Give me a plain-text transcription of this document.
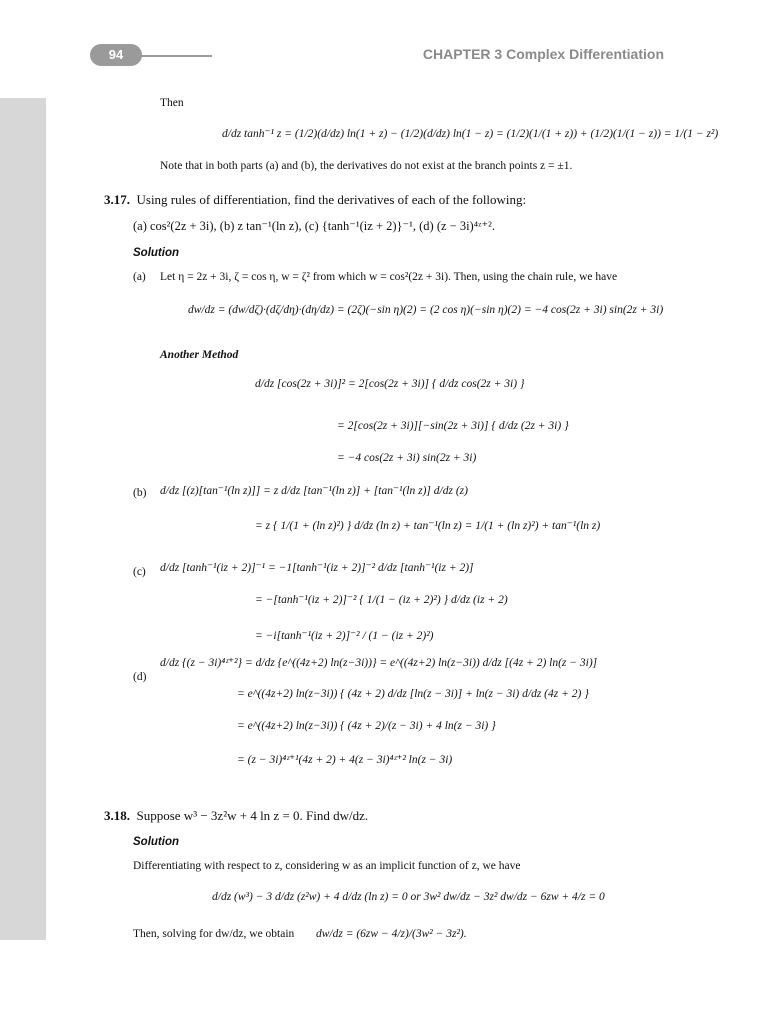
94	CHAPTER 3 Complex Differentiation
Then
d/dz tanh⁻¹ z = (1/2)(d/dz) ln(1 + z) − (1/2)(d/dz) ln(1 − z) = (1/2)(1/(1 + z)) + (1/2)(1/(1 − z)) = 1/(1 − z²)
Note that in both parts (a) and (b), the derivatives do not exist at the branch points z = ±1.
3.17. Using rules of differentiation, find the derivatives of each of the following:
(a) cos²(2z + 3i), (b) z tan⁻¹(ln z), (c) {tanh⁻¹(iz + 2)}⁻¹, (d) (z − 3i)⁴ᶻ⁺².
Solution
(a) Let η = 2z + 3i, ζ = cos η, w = ζ² from which w = cos²(2z + 3i). Then, using the chain rule, we have
dw/dz = (dw/dζ)·(dζ/dη)·(dη/dz) = (2ζ)(−sin η)(2) = (2 cos η)(−sin η)(2) = −4 cos(2z + 3i) sin(2z + 3i)
Another Method
d/dz [cos(2z + 3i)]² = 2[cos(2z + 3i)] { d/dz cos(2z + 3i) }
= 2[cos(2z + 3i)][−sin(2z + 3i)] { d/dz (2z + 3i) }
= −4 cos(2z + 3i) sin(2z + 3i)
(b) d/dz [(z)[tan⁻¹(ln z)]] = z d/dz [tan⁻¹(ln z)] + [tan⁻¹(ln z)] d/dz (z)
= z { 1/(1 + (ln z)²) } d/dz (ln z) + tan⁻¹(ln z) = 1/(1 + (ln z)²) + tan⁻¹(ln z)
(c) d/dz [tanh⁻¹(iz + 2)]⁻¹ = −1[tanh⁻¹(iz + 2)]⁻² d/dz [tanh⁻¹(iz + 2)]
= −[tanh⁻¹(iz + 2)]⁻² { 1/(1 − (iz + 2)²) } d/dz (iz + 2)
= −i[tanh⁻¹(iz + 2)]⁻² / (1 − (iz + 2)²)
(d)
d/dz {(z − 3i)⁴ᶻ⁺²} = d/dz {e^((4z+2) ln(z−3i))} = e^((4z+2) ln(z−3i)) d/dz [(4z + 2) ln(z − 3i)]
= e^((4z+2) ln(z−3i)) { (4z + 2) d/dz [ln(z − 3i)] + ln(z − 3i) d/dz (4z + 2) }
= e^((4z+2) ln(z−3i)) { (4z + 2)/(z − 3i) + 4 ln(z − 3i) }
= (z − 3i)⁴ᶻ⁺¹(4z + 2) + 4(z − 3i)⁴ᶻ⁺² ln(z − 3i)
3.18. Suppose w³ − 3z²w + 4 ln z = 0. Find dw/dz.
Solution
Differentiating with respect to z, considering w as an implicit function of z, we have
d/dz (w³) − 3 d/dz (z²w) + 4 d/dz (ln z) = 0 or 3w² dw/dz − 3z² dw/dz − 6zw + 4/z = 0
Then, solving for dw/dz, we obtain dw/dz = (6zw − 4/z)/(3w² − 3z²).
